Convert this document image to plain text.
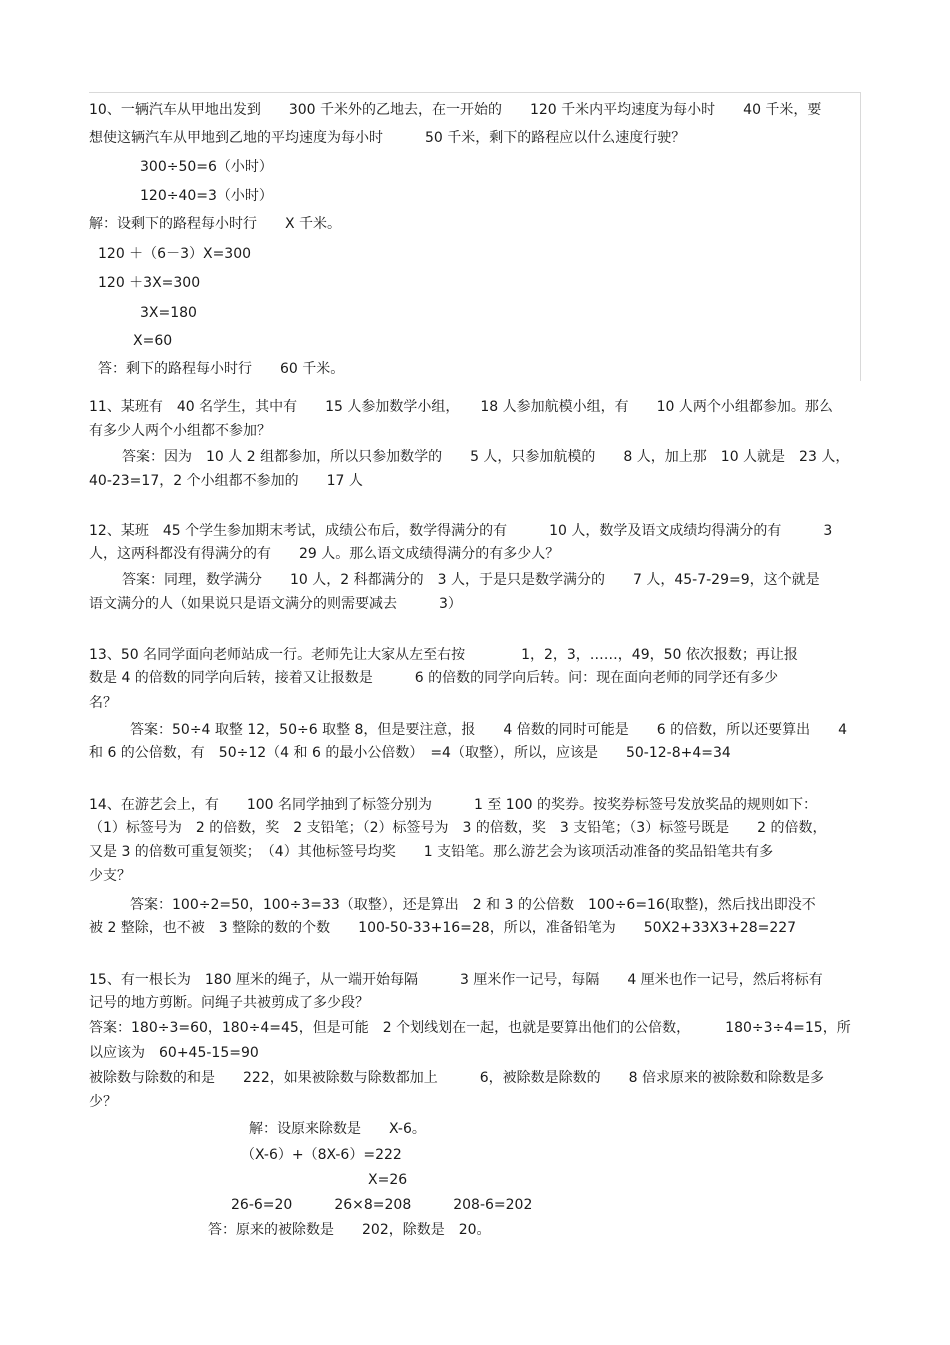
10、一辆汽车从甲地出发到　　300 千米外的乙地去，在一开始的　　120 千米内平均速度为每小时　　40 千米，要
想使这辆汽车从甲地到乙地的平均速度为每小时　　　50 千米，剩下的路程应以什么速度行驶？
300÷50=6（小时）
120÷40=3（小时）
解：设剩下的路程每小时行　　X 千米。
120 ＋（6－3）X=300
120 ＋3X=300
3X=180
X=60
答：剩下的路程每小时行　　60 千米。
11、某班有　40 名学生，其中有　　15 人参加数学小组，　　18 人参加航模小组，有　　10 人两个小组都参加。那么
有多少人两个小组都不参加？
答案：因为　10 人 2 组都参加，所以只参加数学的　　5 人，只参加航模的　　8 人，加上那　10 人就是　23 人，
40-23=17，2 个小组都不参加的　　17 人
12、某班　45 个学生参加期末考试，成绩公布后，数学得满分的有　　　10 人，数学及语文成绩均得满分的有　　　3
人，这两科都没有得满分的有　　29 人。那么语文成绩得满分的有多少人？
答案：同理，数学满分　　10 人，2 科都满分的　3 人，于是只是数学满分的　　7 人，45-7-29=9，这个就是
语文满分的人（如果说只是语文满分的则需要减去　　　3）
13、50 名同学面向老师站成一行。老师先让大家从左至右按　　　　1，2，3，……，49，50 依次报数；再让报
数是 4 的倍数的同学向后转，接着又让报数是　　　6 的倍数的同学向后转。问：现在面向老师的同学还有多少
名？
答案：50÷4 取整 12，50÷6 取整 8，但是要注意，报　　4 倍数的同时可能是　　6 的倍数，所以还要算出　　4
和 6 的公倍数，有　50÷12（4 和 6 的最小公倍数）　=4（取整），所以，应该是　　50-12-8+4=34
14、在游艺会上，有　　100 名同学抽到了标签分别为　　　1 至 100 的奖券。按奖券标签号发放奖品的规则如下：
（1）标签号为　2 的倍数，奖　2 支铅笔；（2）标签号为　3 的倍数，奖　3 支铅笔；（3）标签号既是　　2 的倍数，
又是 3 的倍数可重复领奖；　（4）其他标签号均奖　　1 支铅笔。那么游艺会为该项活动准备的奖品铅笔共有多
少支？
答案：100÷2=50，100÷3=33（取整），还是算出　2 和 3 的公倍数　100÷6=16(取整)，然后找出即没不
被 2 整除，也不被　3 整除的数的个数　　100-50-33+16=28，所以，准备铅笔为　　50X2+33X3+28=227
15、有一根长为　180 厘米的绳子，从一端开始每隔　　　3 厘米作一记号，每隔　　4 厘米也作一记号，然后将标有
记号的地方剪断。问绳子共被剪成了多少段？
答案：180÷3=60，180÷4=45，但是可能　2 个划线划在一起，也就是要算出他们的公倍数，　　　180÷3÷4=15，所
以应该为　60+45-15=90
被除数与除数的和是　　222，如果被除数与除数都加上　　　6，被除数是除数的　　8 倍求原来的被除数和除数是多
少？
解：设原来除数是　　X-6。
（X-6）+（8X-6）=222
X=26
26-6=20　　　26×8=208　　　208-6=202
答：原来的被除数是　　202，除数是　20。
